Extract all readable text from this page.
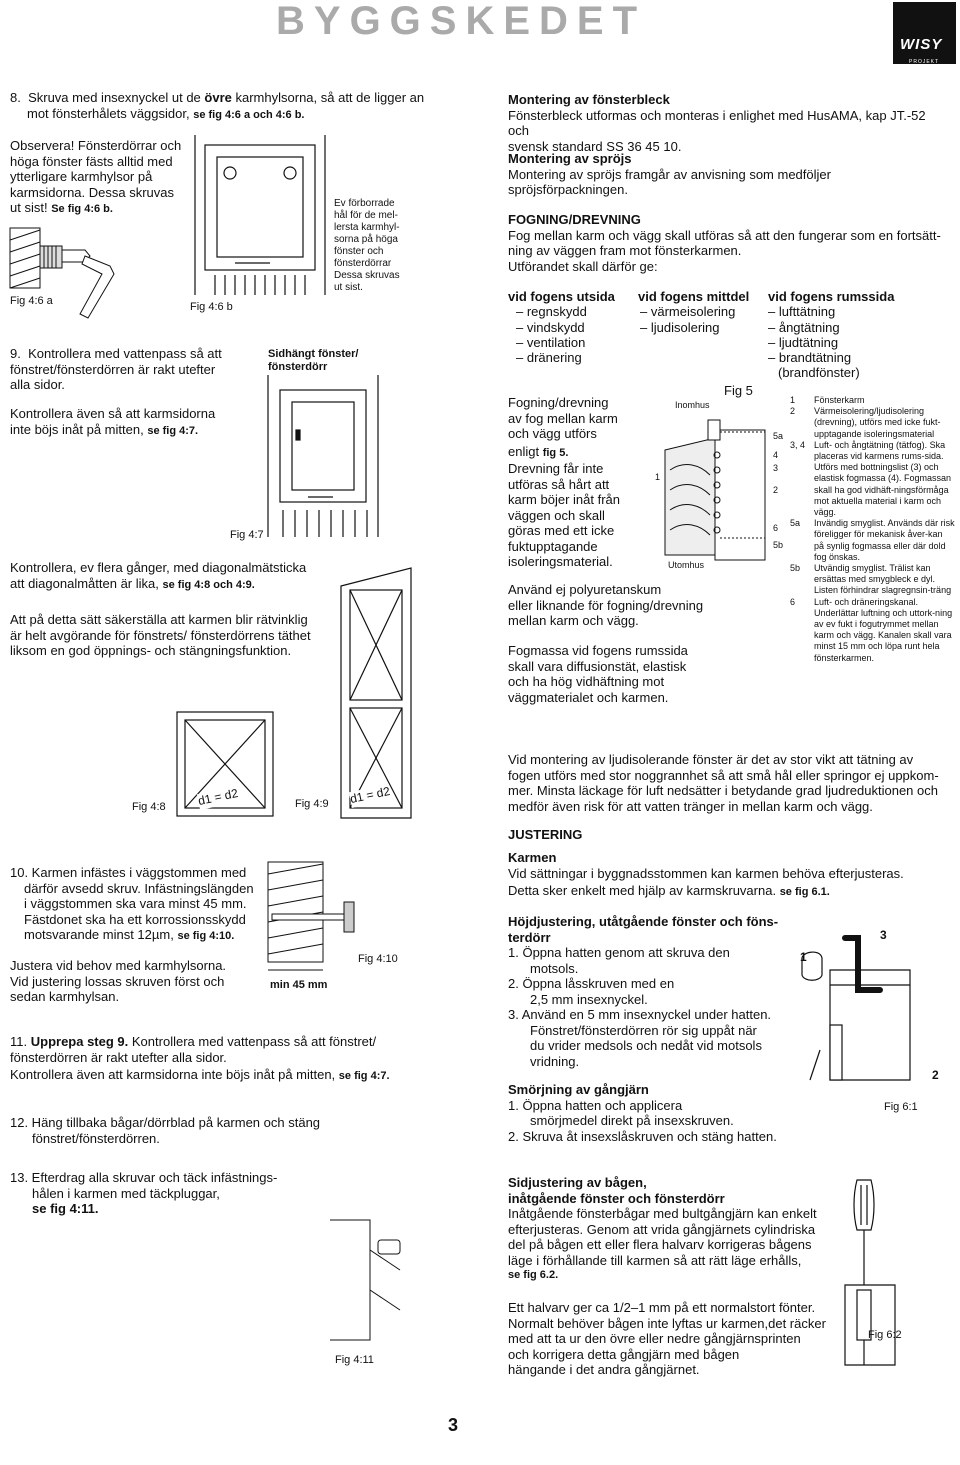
BYGGSKEDET
WISY
PROJEKT
8. Skruva med insexnyckel ut de övre karmhylsorna, så att de ligger an
mot fönsterhålets väggsidor, se fig 4:6 a och 4:6 b.
Observera! Fönsterdörrar och
höga fönster fästs alltid med
ytterligare karmhylsor på
karmsidorna. Dessa skruvas
ut sist! Se fig 4:6 b.
Fig 4:6 a	Fig 4:6 b
Ev förborrade
hål för de mel-
lersta karmhyl-
sorna på höga
fönster och
fönsterdörrar
Dessa skruvas
ut sist.
9. Kontrollera med vattenpass så att
fönstret/fönsterdörren är rakt utefter
alla sidor.
Kontrollera även så att karmsidorna
inte böjs inåt på mitten, se fig 4:7.
Sidhängt fönster/
fönsterdörr
Fig 4:7
Kontrollera, ev flera gånger, med diagonalmätsticka
att diagonalmåtten är lika, se fig 4:8 och 4:9.
Att på detta sätt säkerställa att karmen blir rätvinklig
är helt avgörande för fönstrets/ fönsterdörrens täthet
liksom en god öppnings- och stängningsfunktion.
Fig 4:8	d1 = d2	Fig 4:9 d1 = d2
10. Karmen infästes i väggstommen med
därför avsedd skruv. Infästningslängden
i väggstommen ska vara minst 45 mm.
Fästdonet ska ha ett korrossionsskydd
motsvarande minst 12µm, se fig 4:10.
Justera vid behov med karmhylsorna.
Vid justering lossas skruven först och
sedan karmhylsan.
min 45 mm
Fig 4:10
11. Upprepa steg 9. Kontrollera med vattenpass så att fönstret/
fönsterdörren är rakt utefter alla sidor.
Kontrollera även att karmsidorna inte böjs inåt på mitten, se fig 4:7.
12. Häng tillbaka bågar/dörrblad på karmen och stäng
fönstret/fönsterdörren.
13. Efterdrag alla skruvar och täck infästnings-
hålen i karmen med täckpluggar,
se fig 4:11.
Fig 4:11
3
Montering av fönsterbleck
Fönsterbleck utformas och monteras i enlighet med HusAMA, kap JT.-52 och
svensk standard SS 36 45 10.
Montering av spröjs
Montering av spröjs framgår av anvisning som medföljer spröjsförpackningen.
FOGNING/DREVNING
Fog mellan karm och vägg skall utföras så att den fungerar som en fortsätt-
ning av väggen fram mot fönsterkarmen.
Utförandet skall därför ge:
vid fogens utsida
– regnskydd
– vindskydd
– ventilation
– dränering
vid fogens mittdel
– värmeisolering
– ljudisolering
vid fogens rumssida
– lufttätning
– ångtätning
– ljudtätning
– brandtätning
(brandfönster)
Fogning/drevning
av fog mellan karm
och vägg utförs
enligt fig 5.
Drevning får inte
utföras så hårt att
karm böjer inåt från
väggen och skall
göras med ett icke
fuktupptagande
isoleringsmaterial.
Använd ej polyuretanskum
eller liknande för fogning/drevning
mellan karm och vägg.
Fogmassa vid fogens rumssida
skall vara diffusionstät, elastisk
och ha hög vidhäftning mot
väggmaterialet och karmen.
Fig 5
Inomhus
Utomhus
1
5a
4
3
2
6
5b
1	Fönsterkarm
2	Värmeisolering/ljudisolering (drevning), utförs med icke fukt-upptagande isoleringsmaterial
3, 4	Luft- och ångtätning (tätfog). Ska placeras vid karmens rums-sida. Utförs med bottningslist (3) och elastisk fogmassa (4). Fogmassan skall ha god vidhäft-ningsförmåga mot aktuella material i karm och vägg.
5a	Invändig smyglist. Används där risk föreligger för mekanisk åver-kan på synlig fogmassa eller där dold fog önskas.
5b	Utvändig smyglist. Trälist kan ersättas med smygbleck e dyl. Listen förhindrar slagregnsin-träng
6	Luft- och dräneringskanal. Underlättar luftning och uttork-ning av ev fukt i fogutrymmet mellan karm och vägg. Kanalen skall vara minst 15 mm och löpa runt hela fönsterkarmen.
Vid montering av ljudisolerande fönster är det av stor vikt att tätning av
fogen utförs med stor noggrannhet så att små hål eller springor ej uppkom-
mer. Minsta läckage för luft nedsätter i betydande grad ljudreduktionen och
medför även risk för att vatten tränger in mellan karm och vägg.
JUSTERING
Karmen
Vid sättningar i byggnadsstommen kan karmen behöva efterjusteras.
Detta sker enkelt med hjälp av karmskruvarna. se fig 6.1.
Höjdjustering, utåtgående fönster och föns-
terdörr
1. Öppna hatten genom att skruva den
motsols.
2. Öppna låsskruven med en
2,5 mm insexnyckel.
3. Använd en 5 mm insexnyckel under hatten.
Fönstret/fönsterdörren rör sig uppåt när
du vrider medsols och nedåt vid motsols
vridning.
Smörjning av gångjärn
1. Öppna hatten och applicera
smörjmedel direkt på insexskruven.
2. Skruva åt insexslåskruven och stäng hatten.
1
2
3
Fig 6:1
Sidjustering av bågen,
inåtgående fönster och fönsterdörr
Inåtgående fönsterbågar med bultgångjärn kan enkelt
efterjusteras. Genom att vrida gångjärnets cylindriska
del på bågen ett eller flera halvarv korrigeras bågens
läge i förhållande till karmen så att rätt läge erhålls,
se fig 6.2.
Ett halvarv ger ca 1/2–1 mm på ett normalstort fönter.
Normalt behöver bågen inte lyftas ur karmen,det räcker
med att ta ur den övre eller nedre gångjärnsprinten
och korrigera detta gångjärn med bågen
hängande i det andra gångjärnet.
Fig 6:2
